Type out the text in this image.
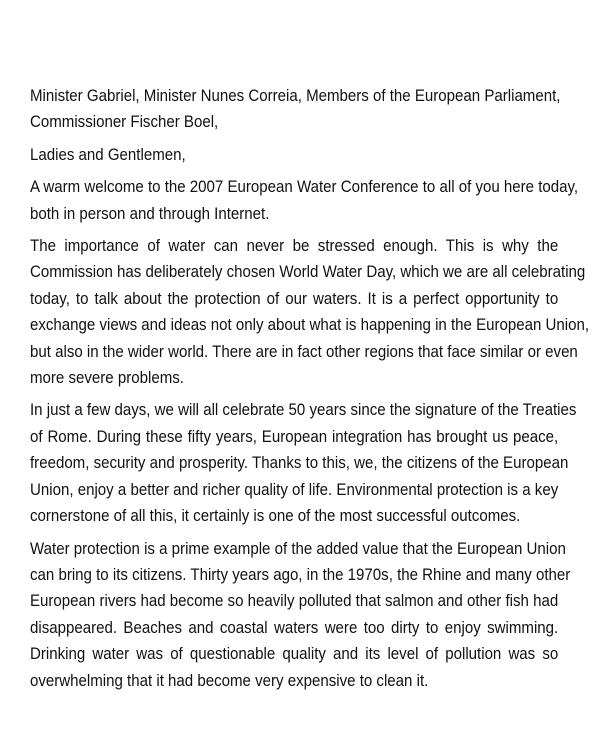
Minister Gabriel, Minister Nunes Correia, Members of the European Parliament,
Commissioner Fischer Boel,

Ladies and Gentlemen,

A warm welcome to the 2007 European Water Conference to all of you here today,
both in person and through Internet.

The importance of water can never be stressed enough. This is why the
Commission has deliberately chosen World Water Day, which we are all celebrating
today, to talk about the protection of our waters. It is a perfect opportunity to
exchange views and ideas not only about what is happening in the European Union,
but also in the wider world. There are in fact other regions that face similar or even
more severe problems.

In just a few days, we will all celebrate 50 years since the signature of the Treaties
of Rome. During these fifty years, European integration has brought us peace,
freedom, security and prosperity. Thanks to this, we, the citizens of the European
Union, enjoy a better and richer quality of life. Environmental protection is a key
cornerstone of all this, it certainly is one of the most successful outcomes.

Water protection is a prime example of the added value that the European Union
can bring to its citizens. Thirty years ago, in the 1970s, the Rhine and many other
European rivers had become so heavily polluted that salmon and other fish had
disappeared. Beaches and coastal waters were too dirty to enjoy swimming.
Drinking water was of questionable quality and its level of pollution was so
overwhelming that it had become very expensive to clean it.
